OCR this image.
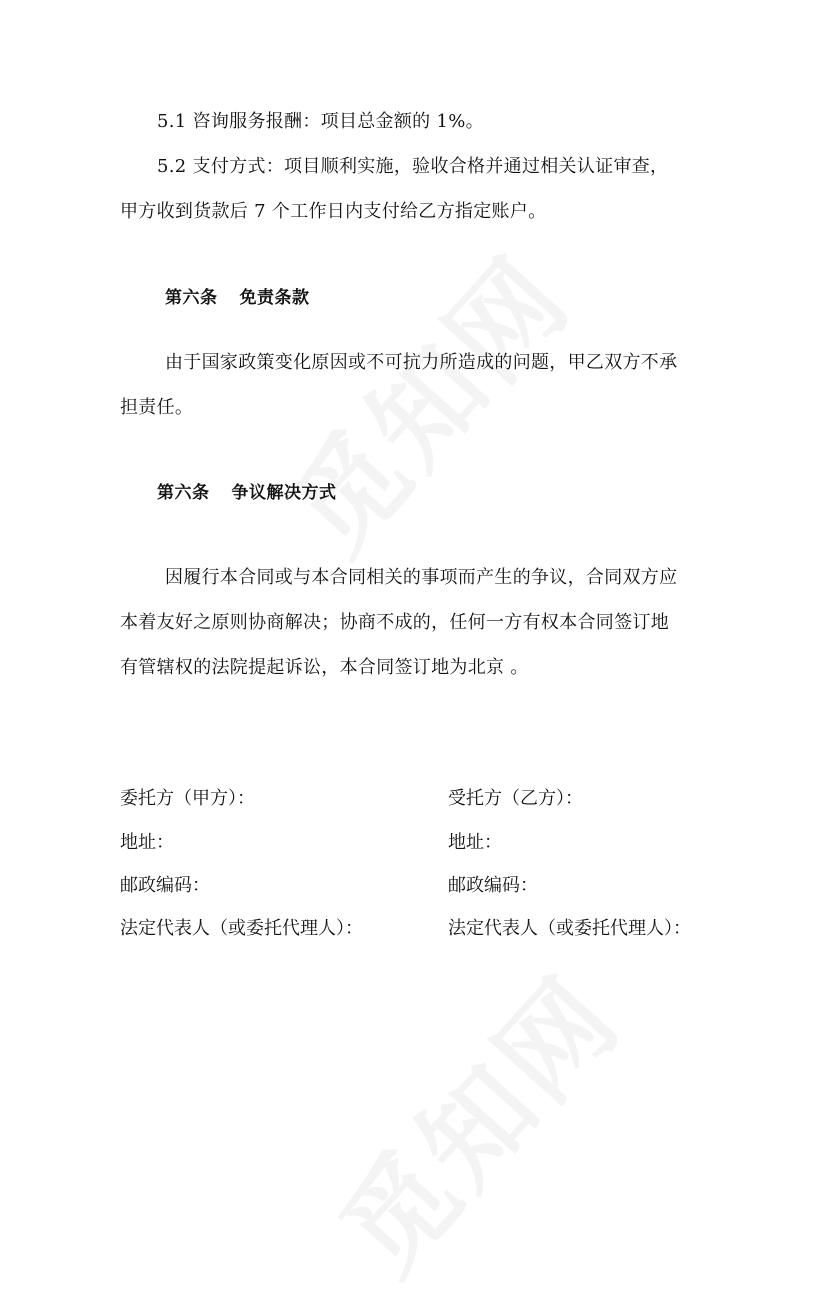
5.1 咨询服务报酬：项目总金额的 1%。
5.2 支付方式：项目顺利实施，验收合格并通过相关认证审查，
甲方收到货款后 7 个工作日内支付给乙方指定账户。
第六条 免责条款
由于国家政策变化原因或不可抗力所造成的问题，甲乙双方不承
担责任。
第六条 争议解决方式
因履行本合同或与本合同相关的事项而产生的争议，合同双方应
本着友好之原则协商解决；协商不成的，任何一方有权本合同签订地
有管辖权的法院提起诉讼，本合同签订地为北京 。
委托方（甲方）：
地址：
邮政编码：
法定代表人（或委托代理人）：
受托方（乙方）：
地址：
邮政编码：
法定代表人（或委托代理人）：
